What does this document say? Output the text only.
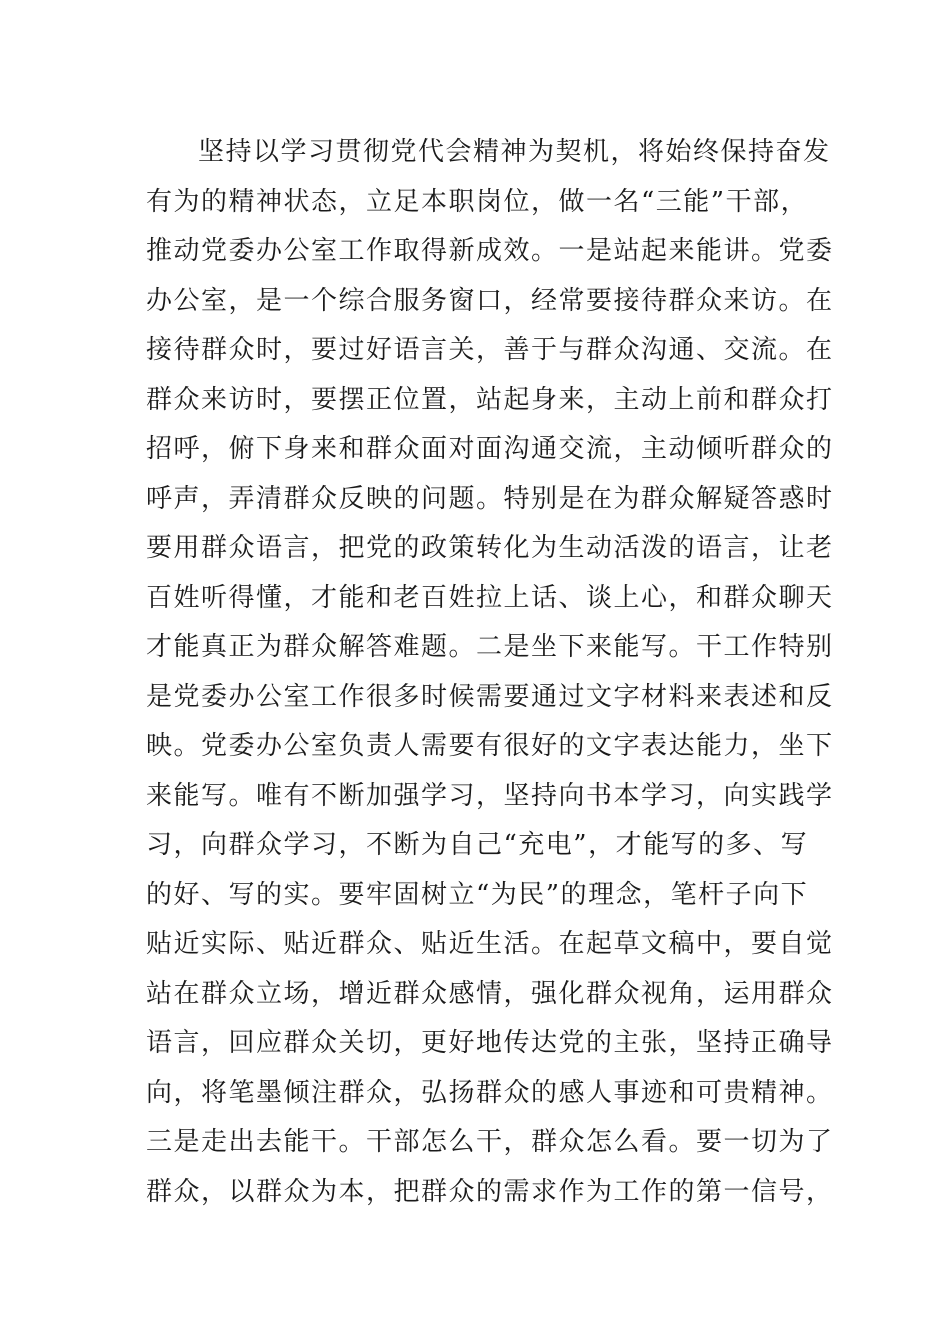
坚持以学习贯彻党代会精神为契机，将始终保持奋发
有为的精神状态，立足本职岗位，做一名“三能”干部，
推动党委办公室工作取得新成效。一是站起来能讲。党委
办公室，是一个综合服务窗口，经常要接待群众来访。在
接待群众时，要过好语言关，善于与群众沟通、交流。在
群众来访时，要摆正位置，站起身来，主动上前和群众打
招呼，俯下身来和群众面对面沟通交流，主动倾听群众的
呼声，弄清群众反映的问题。特别是在为群众解疑答惑时
要用群众语言，把党的政策转化为生动活泼的语言，让老
百姓听得懂，才能和老百姓拉上话、谈上心，和群众聊天
才能真正为群众解答难题。二是坐下来能写。干工作特别
是党委办公室工作很多时候需要通过文字材料来表述和反
映。党委办公室负责人需要有很好的文字表达能力，坐下
来能写。唯有不断加强学习，坚持向书本学习，向实践学
习，向群众学习，不断为自己“充电”，才能写的多、写
的好、写的实。要牢固树立“为民”的理念，笔杆子向下
贴近实际、贴近群众、贴近生活。在起草文稿中，要自觉
站在群众立场，增近群众感情，强化群众视角，运用群众
语言，回应群众关切，更好地传达党的主张，坚持正确导
向，将笔墨倾注群众，弘扬群众的感人事迹和可贵精神。
三是走出去能干。干部怎么干，群众怎么看。要一切为了
群众，以群众为本，把群众的需求作为工作的第一信号，
